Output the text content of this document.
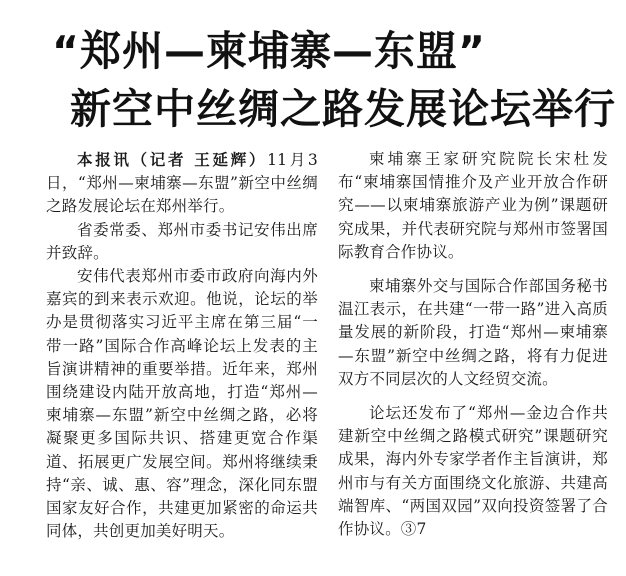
“郑州—柬埔寨—东盟”
新空中丝绸之路发展论坛举行

本报讯（记者 王延辉）11月3日，“郑州—柬埔寨—东盟”新空中丝绸之路发展论坛在郑州举行。

省委常委、郑州市委书记安伟出席并致辞。

安伟代表郑州市委市政府向海内外嘉宾的到来表示欢迎。他说，论坛的举办是贯彻落实习近平主席在第三届“一带一路”国际合作高峰论坛上发表的主旨演讲精神的重要举措。近年来，郑州围绕建设内陆开放高地，打造“郑州—柬埔寨—东盟”新空中丝绸之路，必将凝聚更多国际共识、搭建更宽合作渠道、拓展更广发展空间。郑州将继续秉持“亲、诚、惠、容”理念，深化同东盟国家友好合作，共建更加紧密的命运共同体，共创更加美好明天。

柬埔寨王家研究院院长宋杜发布“柬埔寨国情推介及产业开放合作研究——以柬埔寨旅游产业为例”课题研究成果，并代表研究院与郑州市签署国际教育合作协议。

柬埔寨外交与国际合作部国务秘书温江表示，在共建“一带一路”进入高质量发展的新阶段，打造“郑州—柬埔寨—东盟”新空中丝绸之路，将有力促进双方不同层次的人文经贸交流。

论坛还发布了“郑州—金边合作共建新空中丝绸之路模式研究”课题研究成果，海内外专家学者作主旨演讲，郑州市与有关方面围绕文化旅游、共建高端智库、“两国双园”双向投资签署了合作协议。③7
